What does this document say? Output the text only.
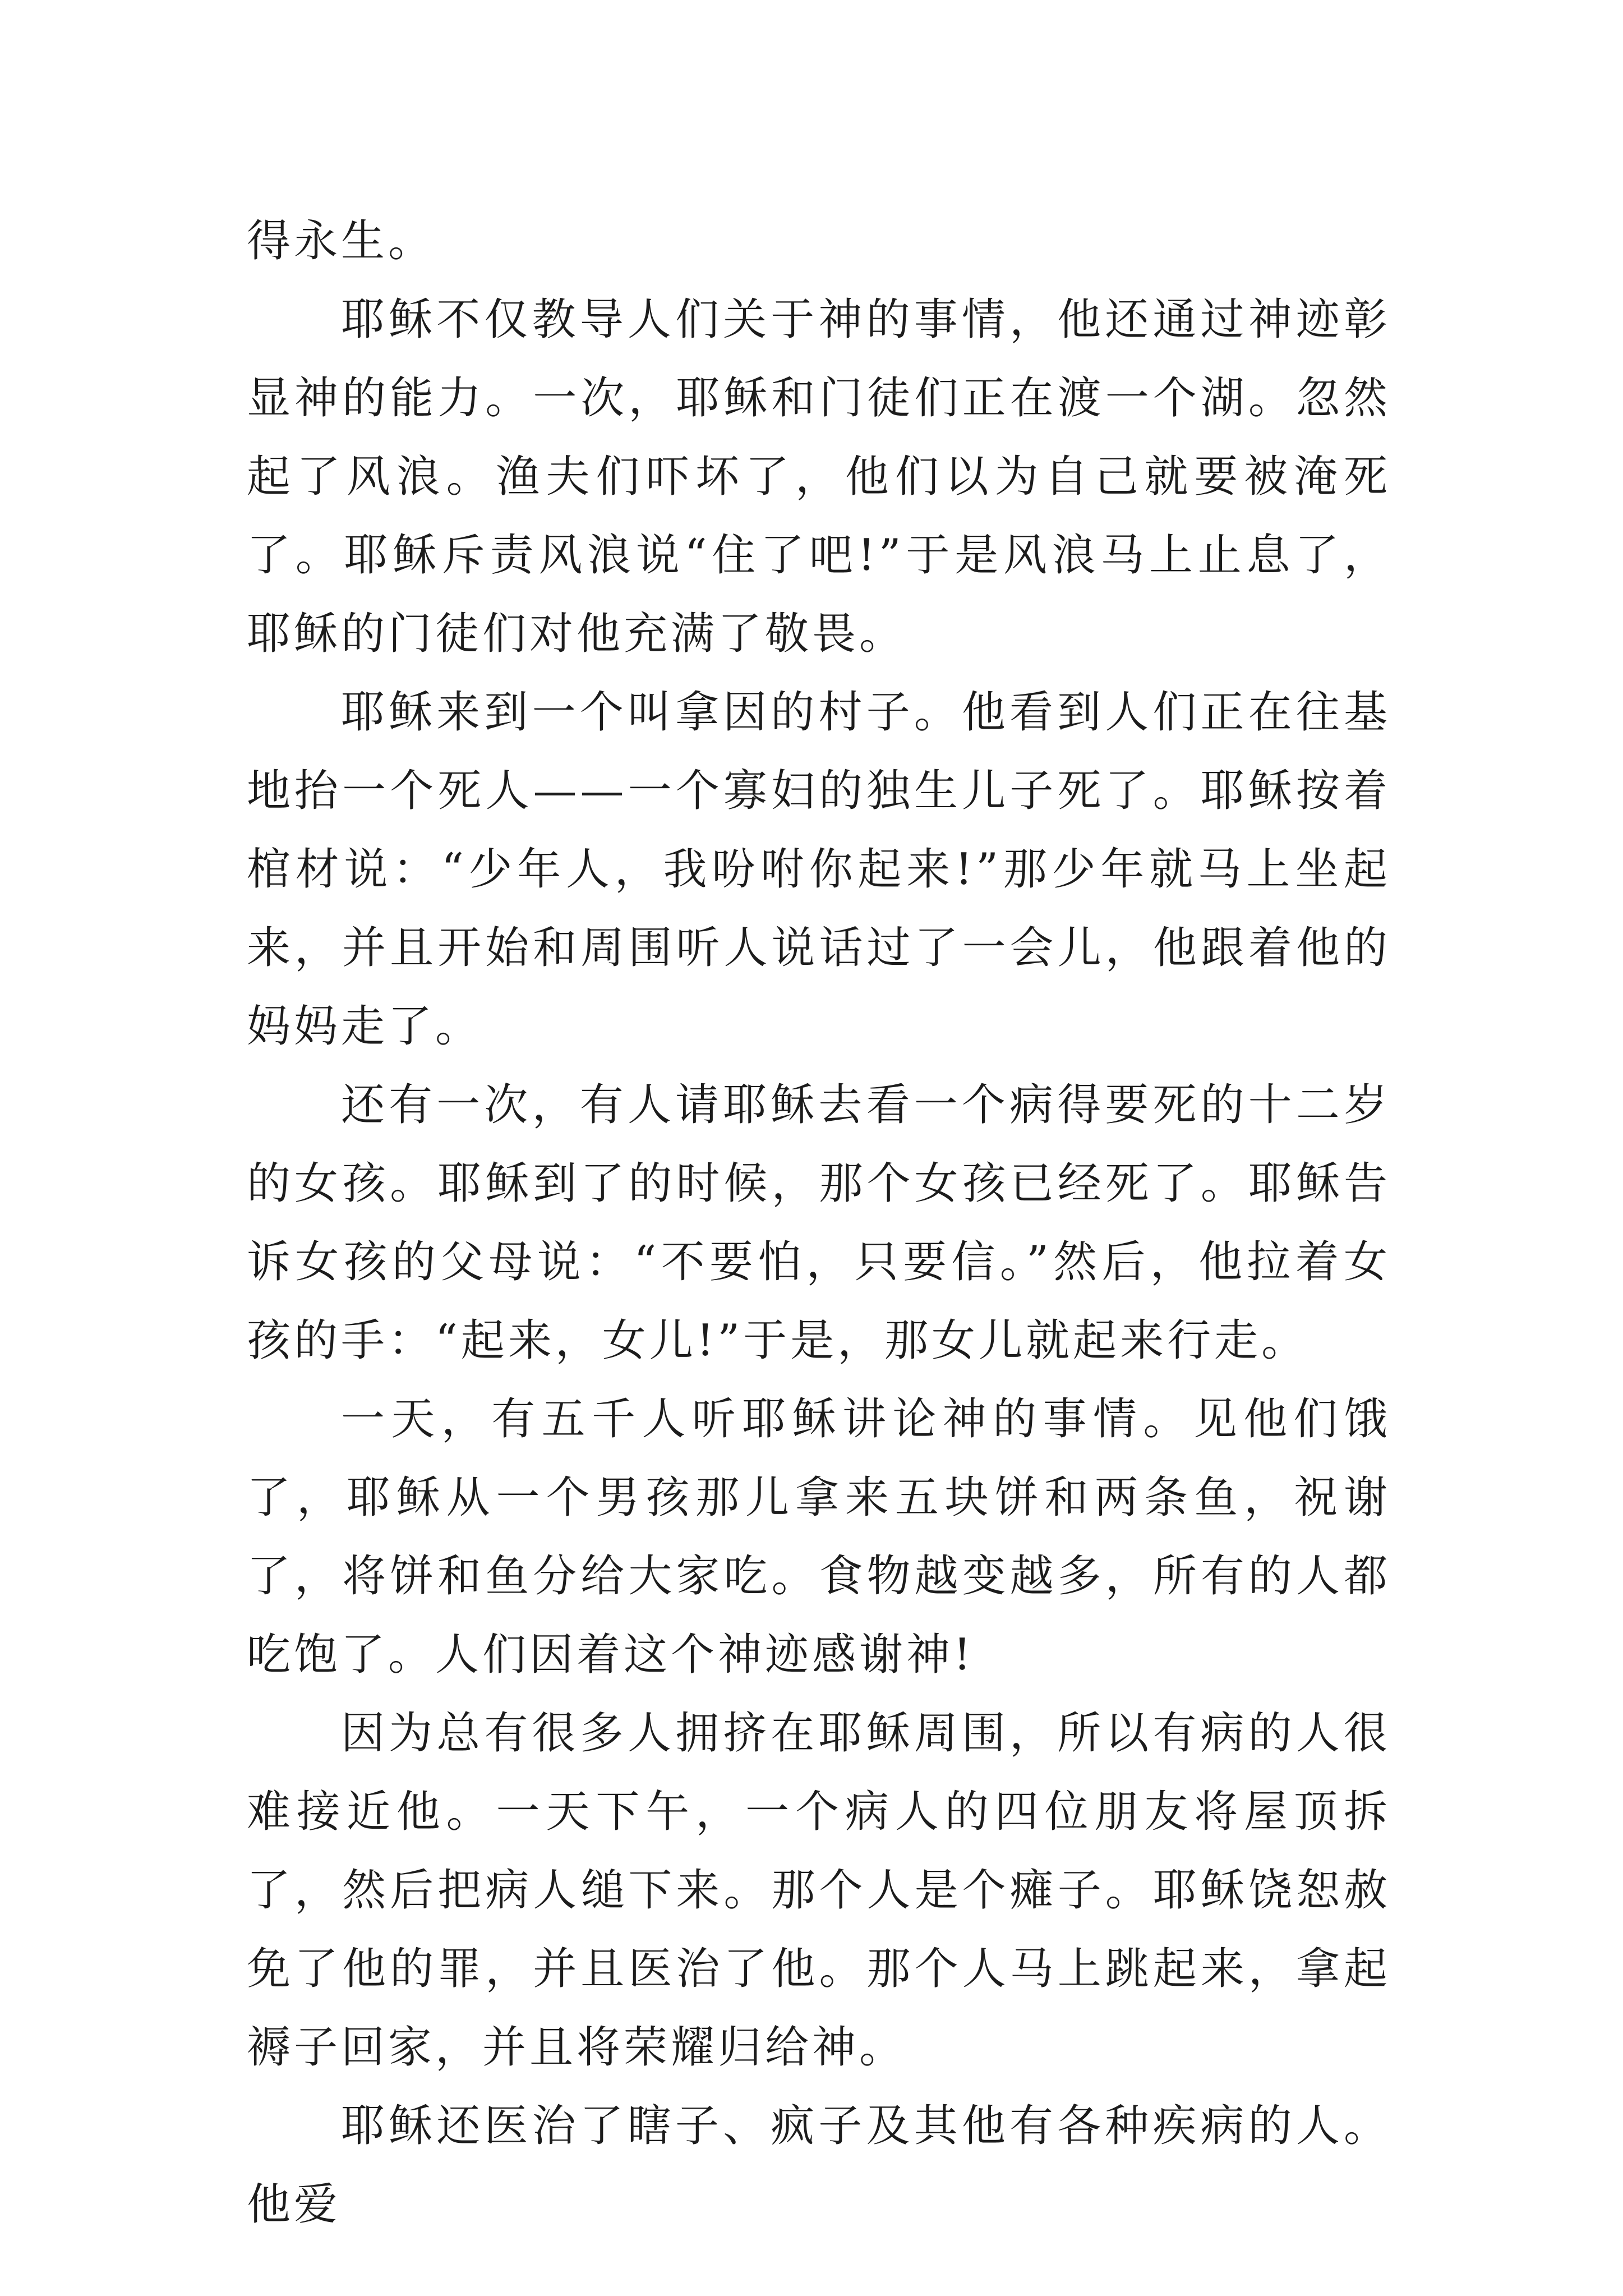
得永生。

耶稣不仅教导人们关于神的事情，他还通过神迹彰显神的能力。一次，耶稣和门徒们正在渡一个湖。忽然起了风浪。渔夫们吓坏了，他们以为自己就要被淹死了。耶稣斥责风浪说“住了吧!”于是风浪马上止息了，耶稣的门徒们对他充满了敬畏。

耶稣来到一个叫拿因的村子。他看到人们正在往基地抬一个死人——一个寡妇的独生儿子死了。耶稣按着棺材说：“少年人，我吩咐你起来!”那少年就马上坐起来，并且开始和周围听人说话过了一会儿，他跟着他的妈妈走了。

还有一次，有人请耶稣去看一个病得要死的十二岁的女孩。耶稣到了的时候，那个女孩已经死了。耶稣告诉女孩的父母说：“不要怕，只要信。”然后，他拉着女孩的手：“起来，女儿!”于是，那女儿就起来行走。

一天，有五千人听耶稣讲论神的事情。见他们饿了，耶稣从一个男孩那儿拿来五块饼和两条鱼，祝谢了，将饼和鱼分给大家吃。食物越变越多，所有的人都吃饱了。人们因着这个神迹感谢神!

因为总有很多人拥挤在耶稣周围，所以有病的人很难接近他。一天下午，一个病人的四位朋友将屋顶拆了，然后把病人缒下来。那个人是个瘫子。耶稣饶恕赦免了他的罪，并且医治了他。那个人马上跳起来，拿起褥子回家，并且将荣耀归给神。

耶稣还医治了瞎子、疯子及其他有各种疾病的人。他爱
